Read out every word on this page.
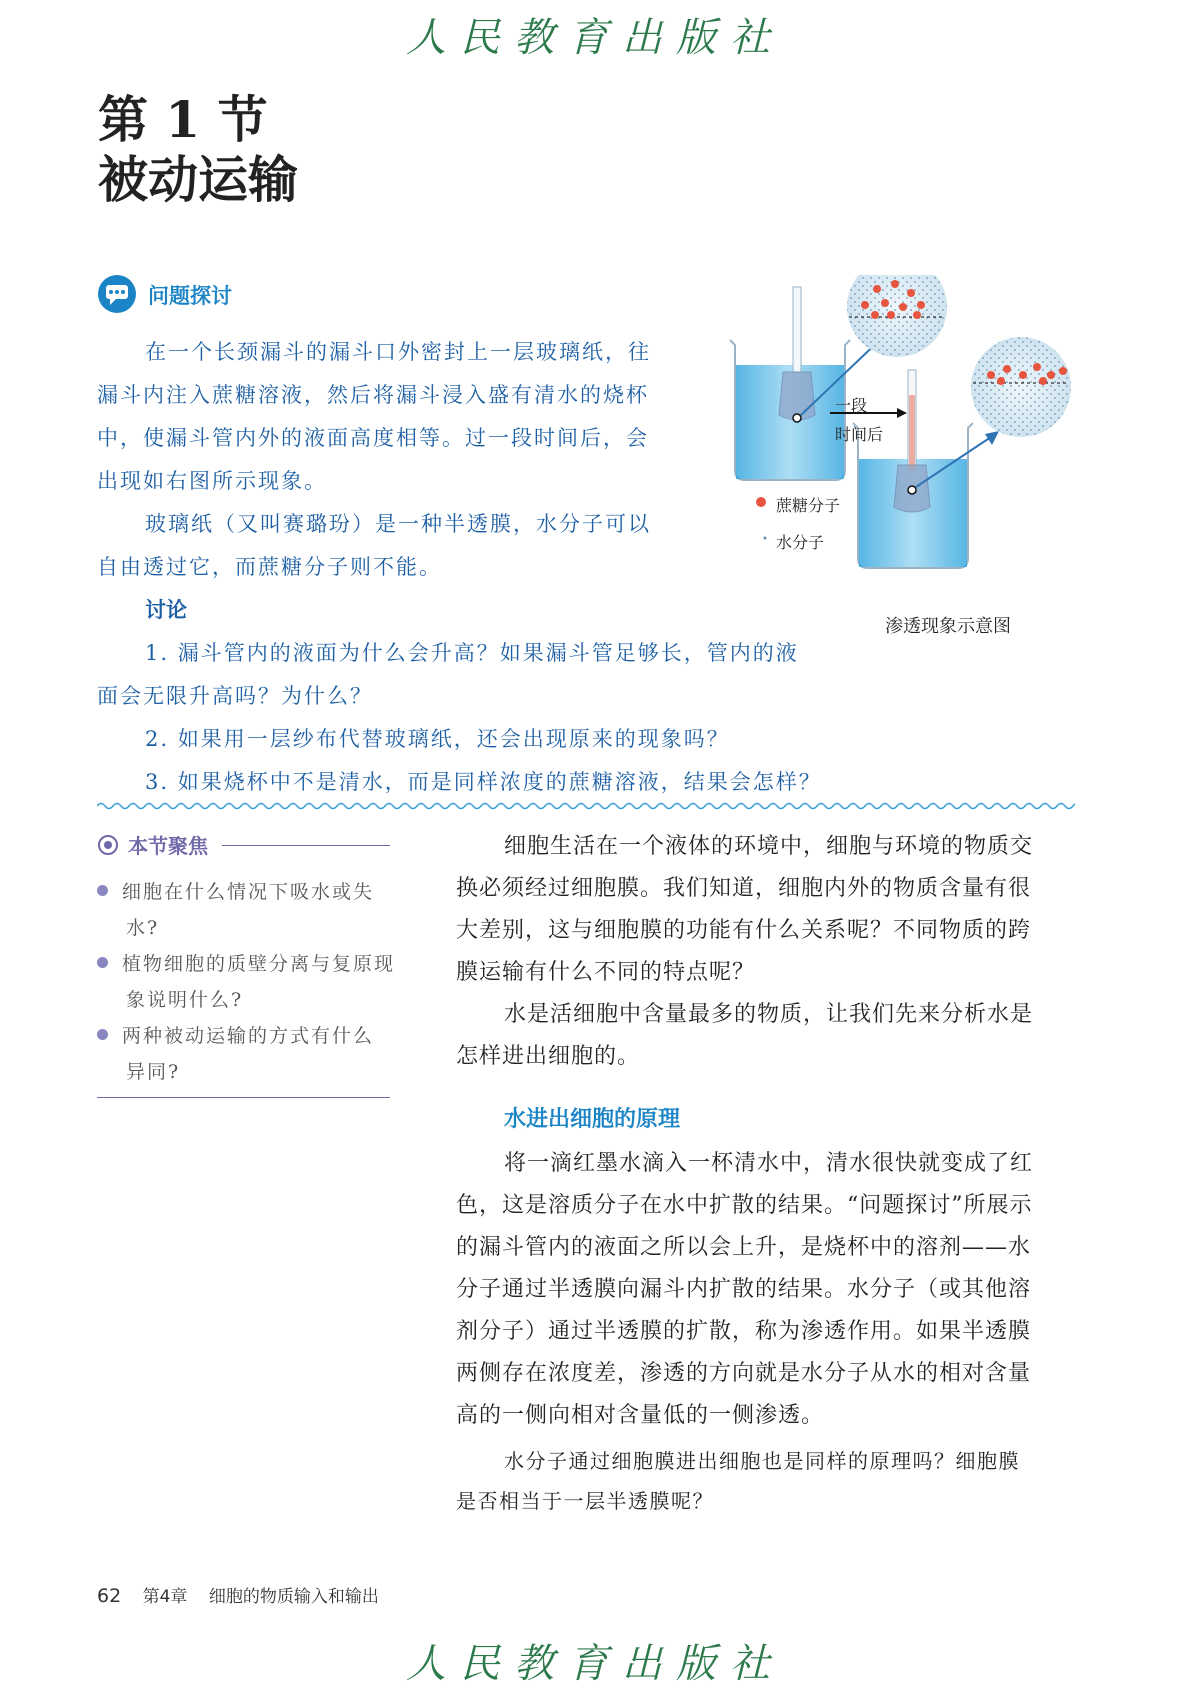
人民教育出版社
第 1 节
被动运输
问题探讨
在一个长颈漏斗的漏斗口外密封上一层玻璃纸，往
漏斗内注入蔗糖溶液，然后将漏斗浸入盛有清水的烧杯
中，使漏斗管内外的液面高度相等。过一段时间后，会
出现如右图所示现象。
玻璃纸（又叫赛璐玢）是一种半透膜，水分子可以
自由透过它，而蔗糖分子则不能。
讨论
1. 漏斗管内的液面为什么会升高？如果漏斗管足够长，管内的液
面会无限升高吗？为什么？
2. 如果用一层纱布代替玻璃纸，还会出现原来的现象吗？
3. 如果烧杯中不是清水，而是同样浓度的蔗糖溶液，结果会怎样？
一段
时间后
蔗糖分子
水分子
渗透现象示意图
本节聚焦
细胞在什么情况下吸水或失
水?
植物细胞的质壁分离与复原现
象说明什么?
两种被动运输的方式有什么
异同?
细胞生活在一个液体的环境中，细胞与环境的物质交
换必须经过细胞膜。我们知道，细胞内外的物质含量有很
大差别，这与细胞膜的功能有什么关系呢？不同物质的跨
膜运输有什么不同的特点呢？
水是活细胞中含量最多的物质，让我们先来分析水是
怎样进出细胞的。
水进出细胞的原理
将一滴红墨水滴入一杯清水中，清水很快就变成了红
色，这是溶质分子在水中扩散的结果。“问题探讨”所展示
的漏斗管内的液面之所以会上升，是烧杯中的溶剂——水
分子通过半透膜向漏斗内扩散的结果。水分子（或其他溶
剂分子）通过半透膜的扩散，称为渗透作用。如果半透膜
两侧存在浓度差，渗透的方向就是水分子从水的相对含量
高的一侧向相对含量低的一侧渗透。
水分子通过细胞膜进出细胞也是同样的原理吗？细胞膜
是否相当于一层半透膜呢？
62 第4章 细胞的物质输入和输出
人民教育出版社
